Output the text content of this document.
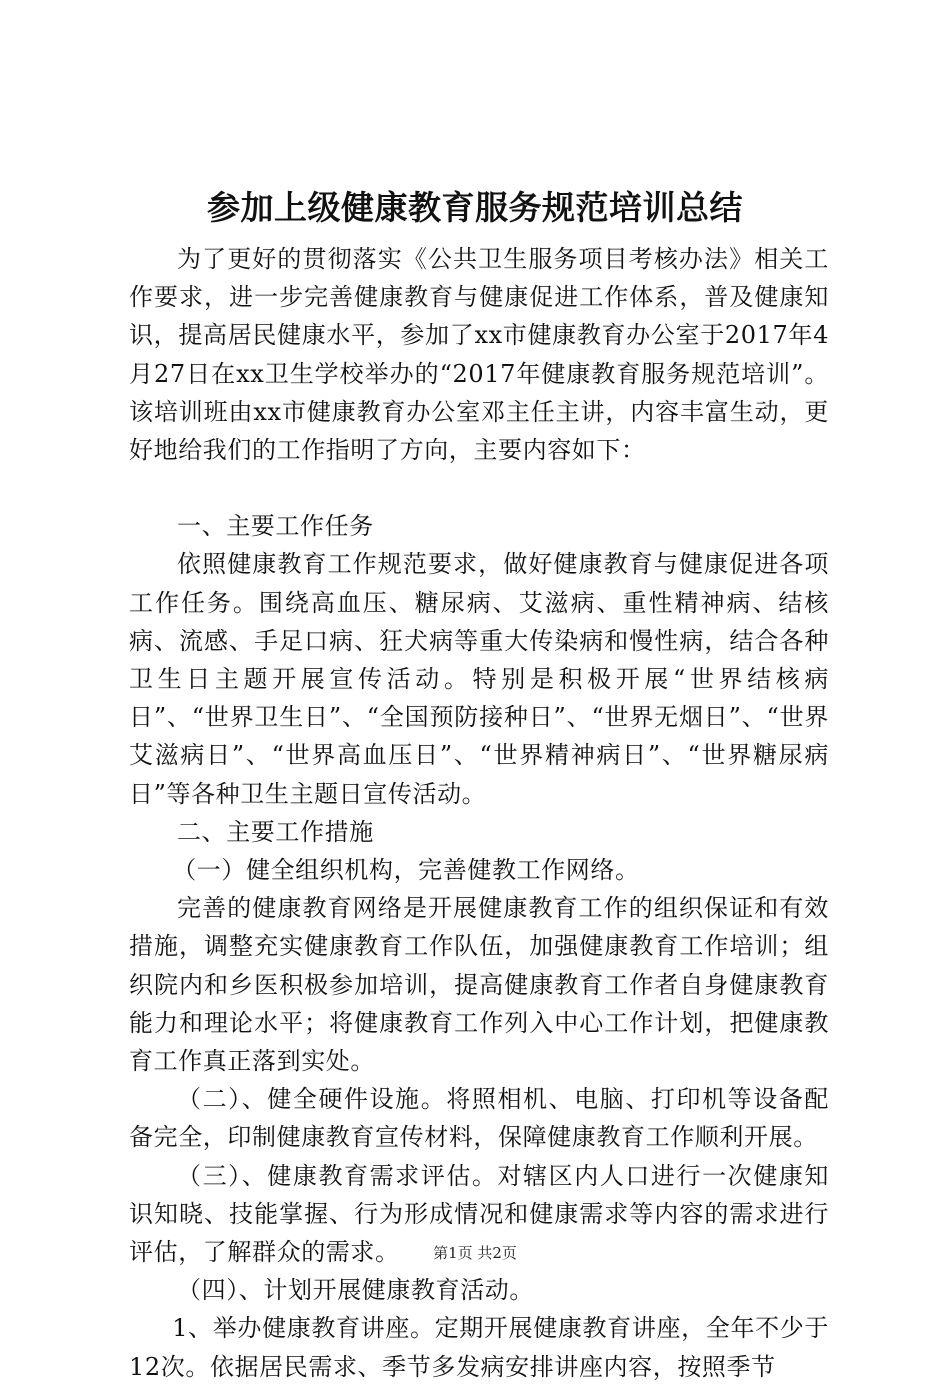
参加上级健康教育服务规范培训总结

为了更好的贯彻落实《公共卫生服务项目考核办法》相关工作要求，进一步完善健康教育与健康促进工作体系，普及健康知识，提高居民健康水平，参加了xx市健康教育办公室于2017年4月27日在xx卫生学校举办的“2017年健康教育服务规范培训”。该培训班由xx市健康教育办公室邓主任主讲，内容丰富生动，更好地给我们的工作指明了方向，主要内容如下：

一、主要工作任务

依照健康教育工作规范要求，做好健康教育与健康促进各项工作任务。围绕高血压、糖尿病、艾滋病、重性精神病、结核病、流感、手足口病、狂犬病等重大传染病和慢性病，结合各种卫生日主题开展宣传活动。特别是积极开展“世界结核病日”、“世界卫生日”、“全国预防接种日”、“世界无烟日”、“世界艾滋病日”、“世界高血压日”、“世界精神病日”、“世界糖尿病日”等各种卫生主题日宣传活动。

二、主要工作措施

（一）健全组织机构，完善健教工作网络。

完善的健康教育网络是开展健康教育工作的组织保证和有效措施，调整充实健康教育工作队伍，加强健康教育工作培训；组织院内和乡医积极参加培训，提高健康教育工作者自身健康教育能力和理论水平；将健康教育工作列入中心工作计划，把健康教育工作真正落到实处。

（二）、健全硬件设施。将照相机、电脑、打印机等设备配备完全，印制健康教育宣传材料，保障健康教育工作顺利开展。

（三）、健康教育需求评估。对辖区内人口进行一次健康知识知晓、技能掌握、行为形成情况和健康需求等内容的需求进行评估，了解群众的需求。

（四）、计划开展健康教育活动。

1、举办健康教育讲座。定期开展健康教育讲座，全年不少于12次。依据居民需求、季节多发病安排讲座内容，按照季节

第1页 共2页
